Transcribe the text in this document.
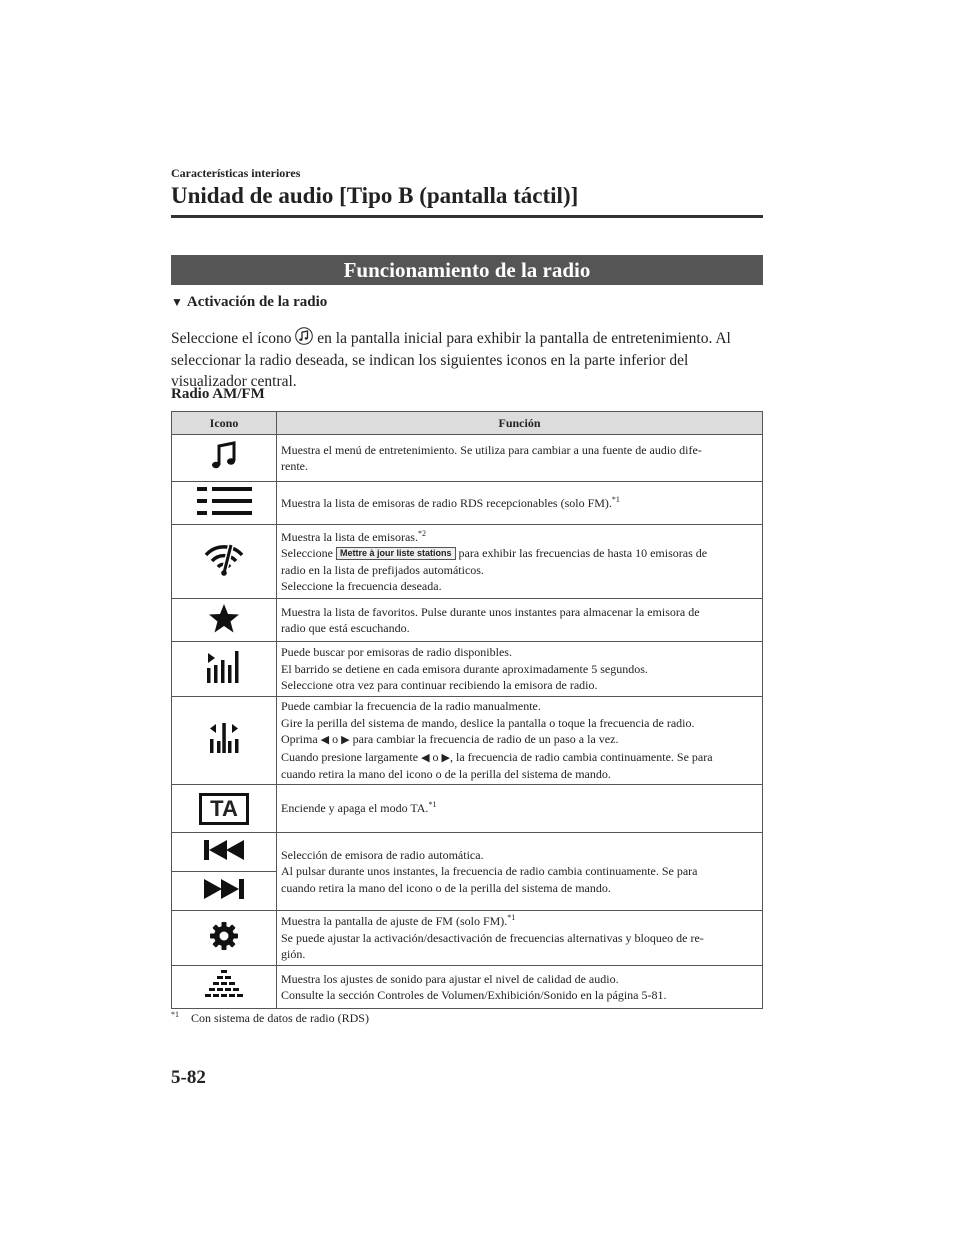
Características interiores
Unidad de audio [Tipo B (pantalla táctil)]
Funcionamiento de la radio
▼ Activación de la radio
Seleccione el ícono  en la pantalla inicial para exhibir la pantalla de entretenimiento. Al seleccionar la radio deseada, se indican los siguientes iconos en la parte inferior del visualizador central.
Radio AM/FM
Icono	Función
	Muestra el menú de entretenimiento. Se utiliza para cambiar a una fuente de audio dife-
rente.
	Muestra la lista de emisoras de radio RDS recepcionables (solo FM).$^{*1}$
	Muestra la lista de emisoras.$^{*2}$
Seleccione Mettre à jour liste stations para exhibir las frecuencias de hasta 10 emisoras de
radio en la lista de prefijados automáticos.
Seleccione la frecuencia deseada.
	Muestra la lista de favoritos. Pulse durante unos instantes para almacenar la emisora de
radio que está escuchando.
	Puede buscar por emisoras de radio disponibles.
El barrido se detiene en cada emisora durante aproximadamente 5 segundos.
Seleccione otra vez para continuar recibiendo la emisora de radio.
	Puede cambiar la frecuencia de la radio manualmente.
Gire la perilla del sistema de mando, deslice la pantalla o toque la frecuencia de radio.
Oprima ◀ o ▶ para cambiar la frecuencia de radio de un paso a la vez.
Cuando presione largamente ◀ o ▶, la frecuencia de radio cambia continuamente. Se para
cuando retira la mano del icono o de la perilla del sistema de mando.
TA	Enciende y apaga el modo TA.$^{*1}$

	Selección de emisora de radio automática.
Al pulsar durante unos instantes, la frecuencia de radio cambia continuamente. Se para
cuando retira la mano del icono o de la perilla del sistema de mando.
	Muestra la pantalla de ajuste de FM (solo FM).$^{*1}$
Se puede ajustar la activación/desactivación de frecuencias alternativas y bloqueo de re-
gión.
	Muestra los ajustes de sonido para ajustar el nivel de calidad de audio.
Consulte la sección Controles de Volumen/Exhibición/Sonido en la página 5-81.
$^{*1}$ Con sistema de datos de radio (RDS)
5-82
